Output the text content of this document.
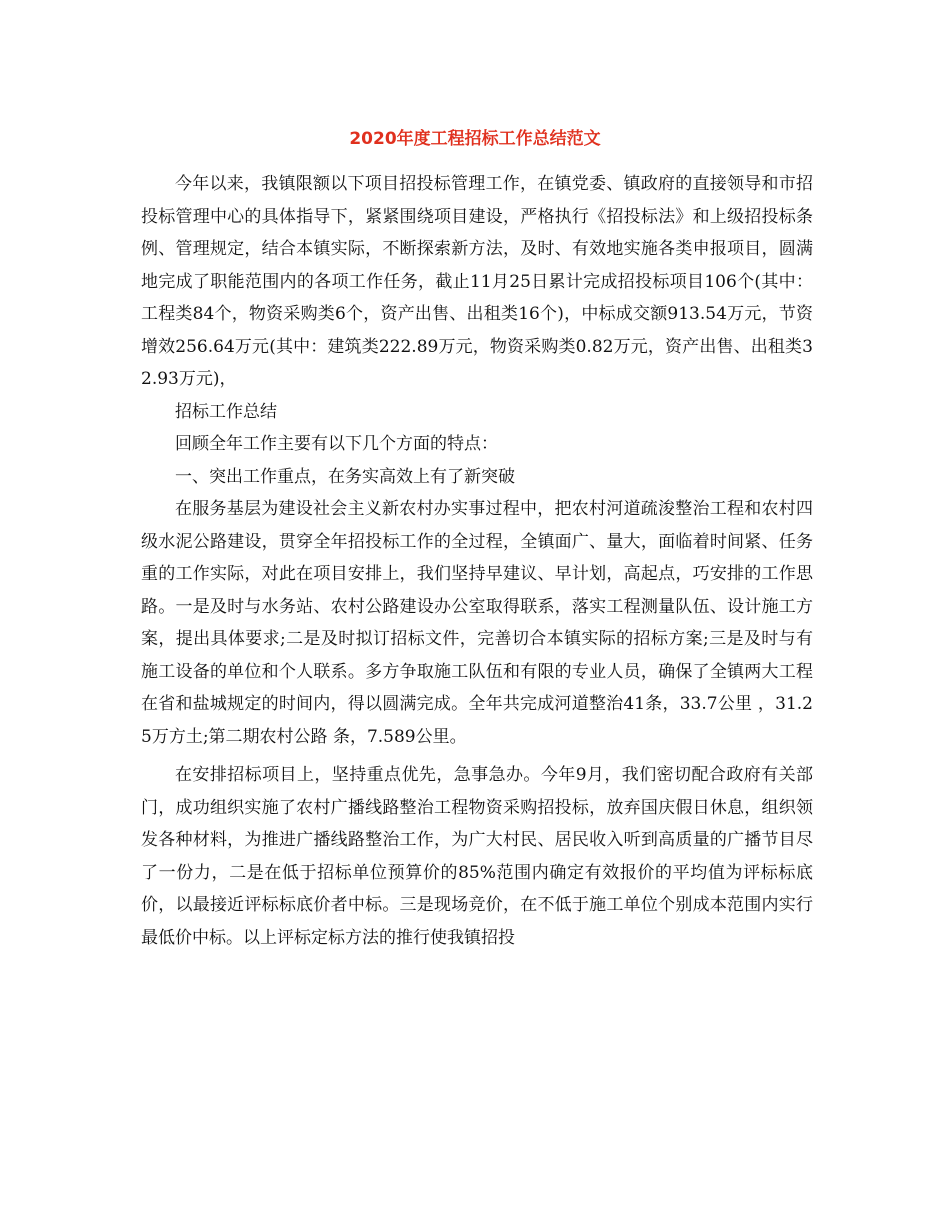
2020年度工程招标工作总结范文

今年以来，我镇限额以下项目招投标管理工作，在镇党委、镇政府的直接领导和市招投标管理中心的具体指导下，紧紧围绕项目建设，严格执行《招投标法》和上级招投标条例、管理规定，结合本镇实际，不断探索新方法，及时、有效地实施各类申报项目，圆满地完成了职能范围内的各项工作任务，截止11月25日累计完成招投标项目106个(其中：工程类84个，物资采购类6个，资产出售、出租类16个)，中标成交额913.54万元，节资增效256.64万元(其中：建筑类222.89万元，物资采购类0.82万元，资产出售、出租类32.93万元)，

招标工作总结

回顾全年工作主要有以下几个方面的特点：

一、突出工作重点，在务实高效上有了新突破

在服务基层为建设社会主义新农村办实事过程中，把农村河道疏浚整治工程和农村四级水泥公路建设，贯穿全年招投标工作的全过程，全镇面广、量大，面临着时间紧、任务重的工作实际，对此在项目安排上，我们坚持早建议、早计划，高起点，巧安排的工作思路。一是及时与水务站、农村公路建设办公室取得联系，落实工程测量队伍、设计施工方案，提出具体要求;二是及时拟订招标文件，完善切合本镇实际的招标方案;三是及时与有施工设备的单位和个人联系。多方争取施工队伍和有限的专业人员，确保了全镇两大工程在省和盐城规定的时间内，得以圆满完成。全年共完成河道整治41条，33.7公里 ，31.25万方土;第二期农村公路 条，7.589公里。

在安排招标项目上，坚持重点优先，急事急办。今年9月，我们密切配合政府有关部门，成功组织实施了农村广播线路整治工程物资采购招投标，放弃国庆假日休息，组织领发各种材料，为推进广播线路整治工作，为广大村民、居民收入听到高质量的广播节目尽了一份力，二是在低于招标单位预算价的85%范围内确定有效报价的平均值为评标标底价，以最接近评标标底价者中标。三是现场竞价，在不低于施工单位个别成本范围内实行最低价中标。以上评标定标方法的推行使我镇招投
